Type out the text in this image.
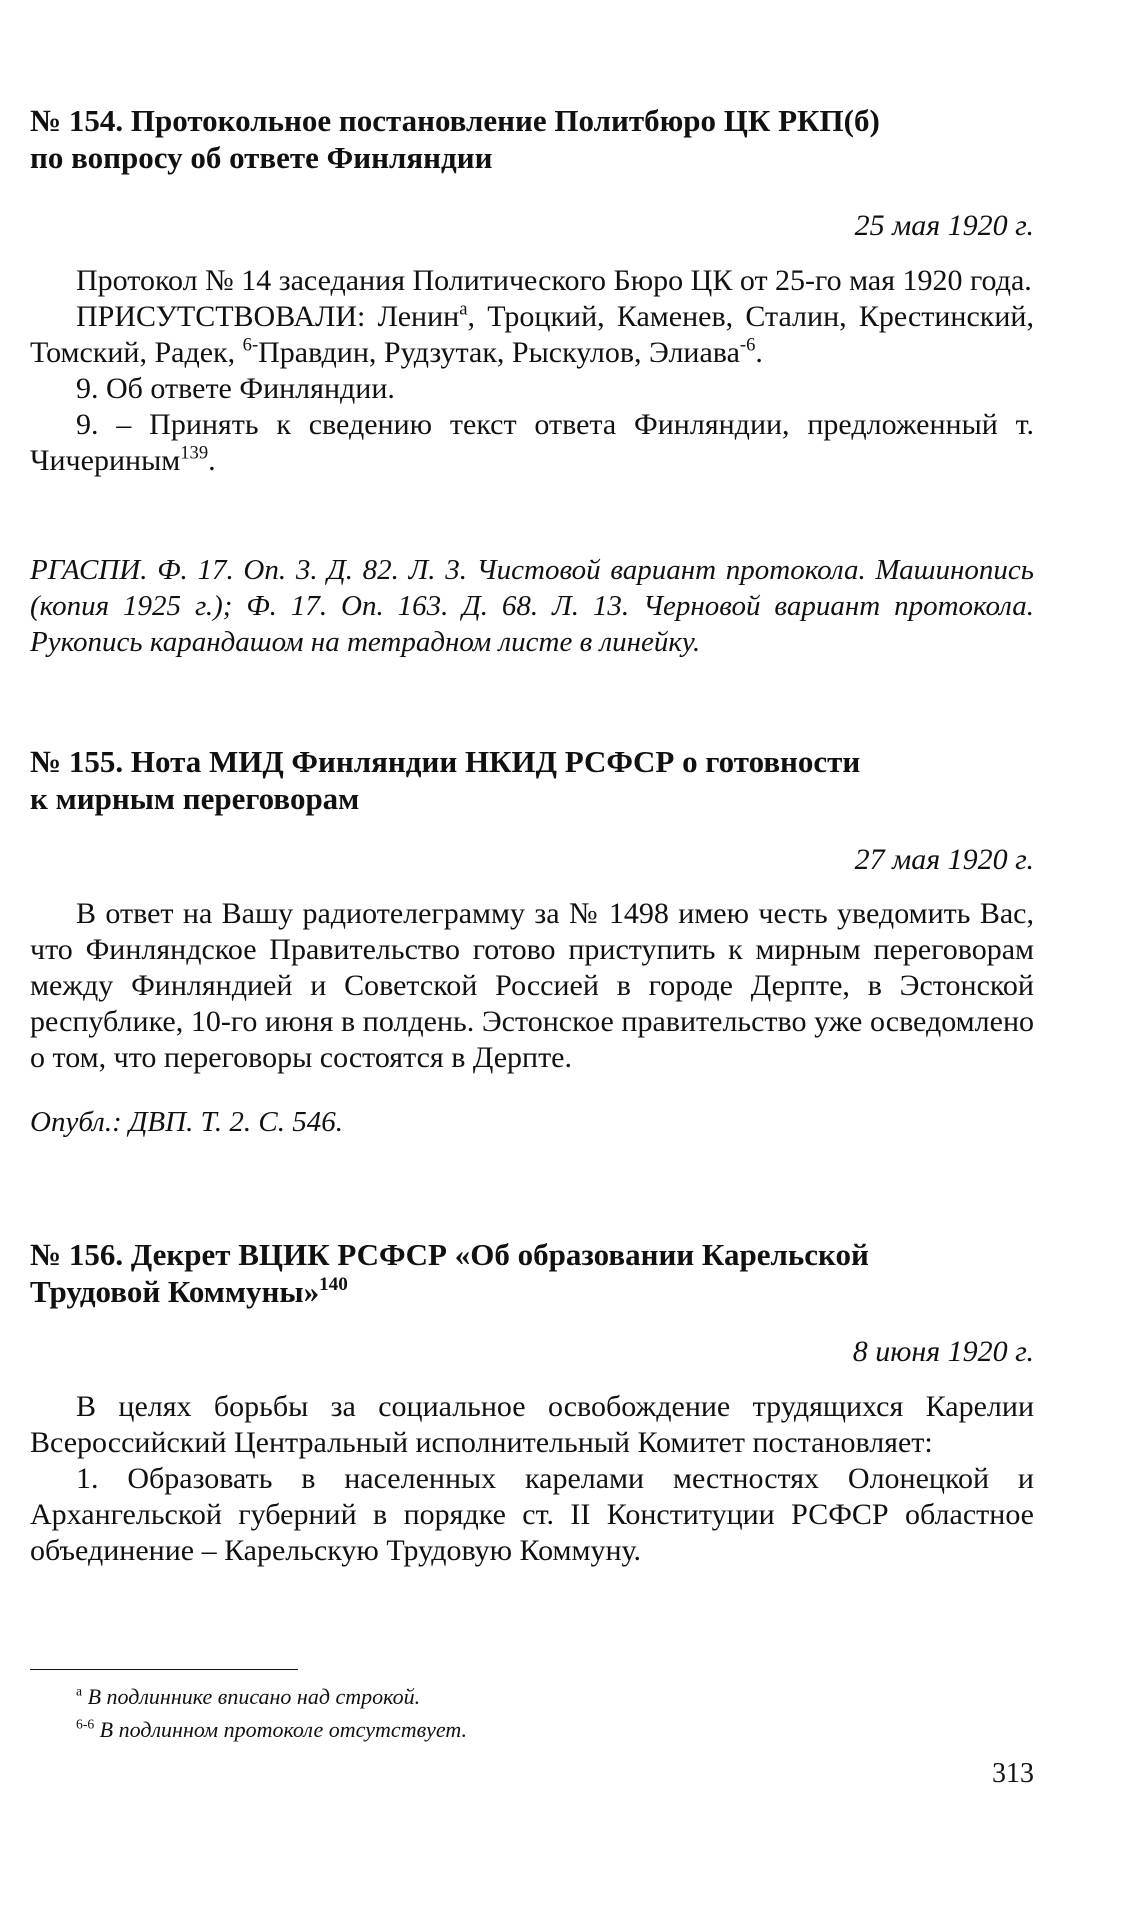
№ 154. Протокольное постановление Политбюро ЦК РКП(б)
по вопросу об ответе Финляндии

25 мая 1920 г.

Протокол № 14 заседания Политического Бюро ЦК от 25-го мая 1920 года.

ПРИСУТСТВОВАЛИ: Ленин$^а$, Троцкий, Каменев, Сталин, Крестинский, Томский, Радек, $^{6-}$Правдин, Рудзутак, Рыскулов, Элиава$^{-6}$.

9. Об ответе Финляндии.

9. – Принять к сведению текст ответа Финляндии, предложенный т. Чичериным$^{139}$.

РГАСПИ. Ф. 17. Оп. 3. Д. 82. Л. 3. Чистовой вариант протокола. Машинопись (копия 1925 г.); Ф. 17. Оп. 163. Д. 68. Л. 13. Черновой вариант протокола. Рукопись карандашом на тетрадном листе в линейку.

№ 155. Нота МИД Финляндии НКИД РСФСР о готовности
к мирным переговорам

27 мая 1920 г.

В ответ на Вашу радиотелеграмму за № 1498 имею честь уведомить Вас, что Финляндское Правительство готово приступить к мирным переговорам между Финляндией и Советской Россией в городе Дерпте, в Эстонской республике, 10-го июня в полдень. Эстонское правительство уже осведомлено о том, что переговоры состоятся в Дерпте.

Опубл.: ДВП. Т. 2. С. 546.

№ 156. Декрет ВЦИК РСФСР «Об образовании Карельской
Трудовой Коммуны»$^{140}$

8 июня 1920 г.

В целях борьбы за социальное освобождение трудящихся Карелии Всероссийский Центральный исполнительный Комитет постановляет:

1. Образовать в населенных карелами местностях Олонецкой и Архангельской губерний в порядке ст. II Конституции РСФСР областное объединение – Карельскую Трудовую Коммуну.

$^а$ В подлиннике вписано над строкой.

$^{6-6}$ В подлинном протоколе отсутствует.

313
